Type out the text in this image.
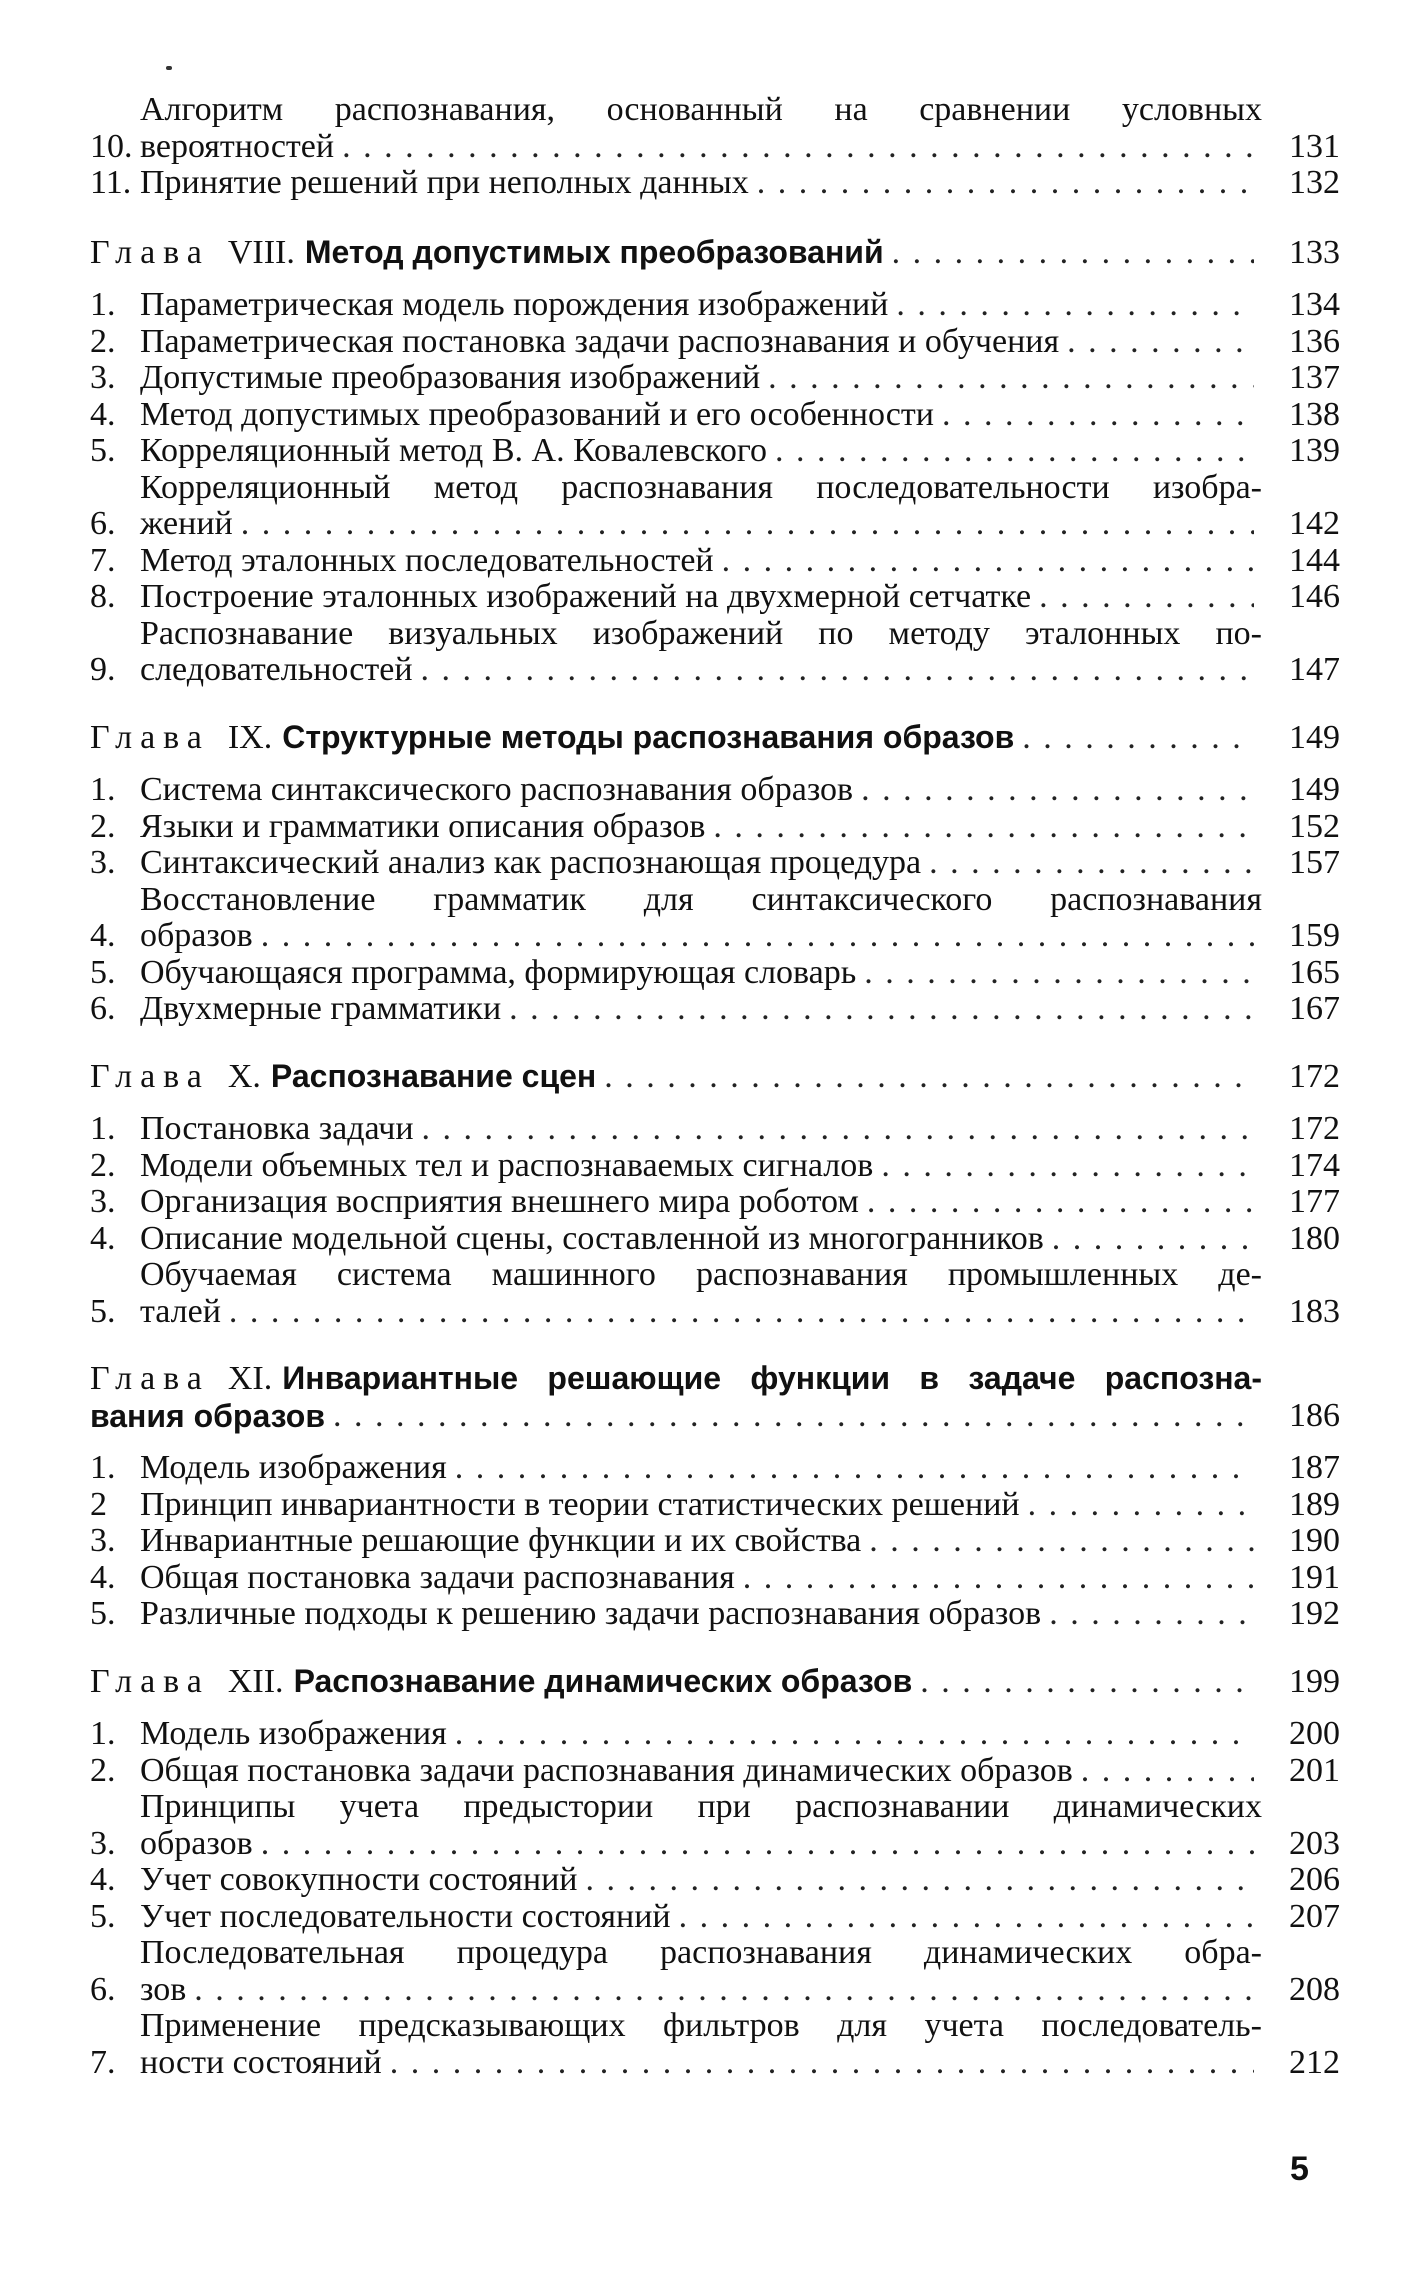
10.
Алгоритм распознавания, основанный на сравнении условных
вероятностей . . .	131
11. Принятие решений при неполных данных . . .	132
Глава VIII. Метод допустимых преобразований . . .	133
1. Параметрическая модель порождения изображений . . .	134
2. Параметрическая постановка задачи распознавания и обучения . . .	136
3. Допустимые преобразования изображений . . .	137
4. Метод допустимых преобразований и его особенности . . .	138
5. Корреляционный метод В. А. Ковалевского . . .	139
6.
Корреляционный метод распознавания последовательности изобра-
жений . . .	142
7. Метод эталонных последовательностей . . .	144
8. Построение эталонных изображений на двухмерной сетчатке . . .	146
9.
Распознавание визуальных изображений по методу эталонных по-
следовательностей . . .	147
Глава IX. Структурные методы распознавания образов . . .	149
1. Система синтаксического распознавания образов . . .	149
2. Языки и грамматики описания образов . . .	152
3. Синтаксический анализ как распознающая процедура . . .	157
4.
Восстановление грамматик для синтаксического распознавания
образов . . .	159
5. Обучающаяся программа, формирующая словарь . . .	165
6. Двухмерные грамматики . . .	167
Глава X. Распознавание сцен . . .	172
1. Постановка задачи . . .	172
2. Модели объемных тел и распознаваемых сигналов . . .	174
3. Организация восприятия внешнего мира роботом . . .	177
4. Описание модельной сцены, составленной из многогранников . . .	180
5.
Обучаемая система машинного распознавания промышленных де-
талей . . .	183
Глава XI. Инвариантные решающие функции в задаче распозна-
вания образов . . .	186
1. Модель изображения . . .	187
2 Принцип инвариантности в теории статистических решений . . .	189
3. Инвариантные решающие функции и их свойства . . .	190
4. Общая постановка задачи распознавания . . .	191
5. Различные подходы к решению задачи распознавания образов . . .	192
Глава XII. Распознавание динамических образов . . .	199
1. Модель изображения . . .	200
2. Общая постановка задачи распознавания динамических образов . . .	201
3.
Принципы учета предыстории при распознавании динамических
образов . . .	203
4. Учет совокупности состояний . . .	206
5. Учет последовательности состояний . . .	207
6.
Последовательная процедура распознавания динамических обра-
зов . . .	208
7.
Применение предсказывающих фильтров для учета последователь-
ности состояний . . .	212
5
